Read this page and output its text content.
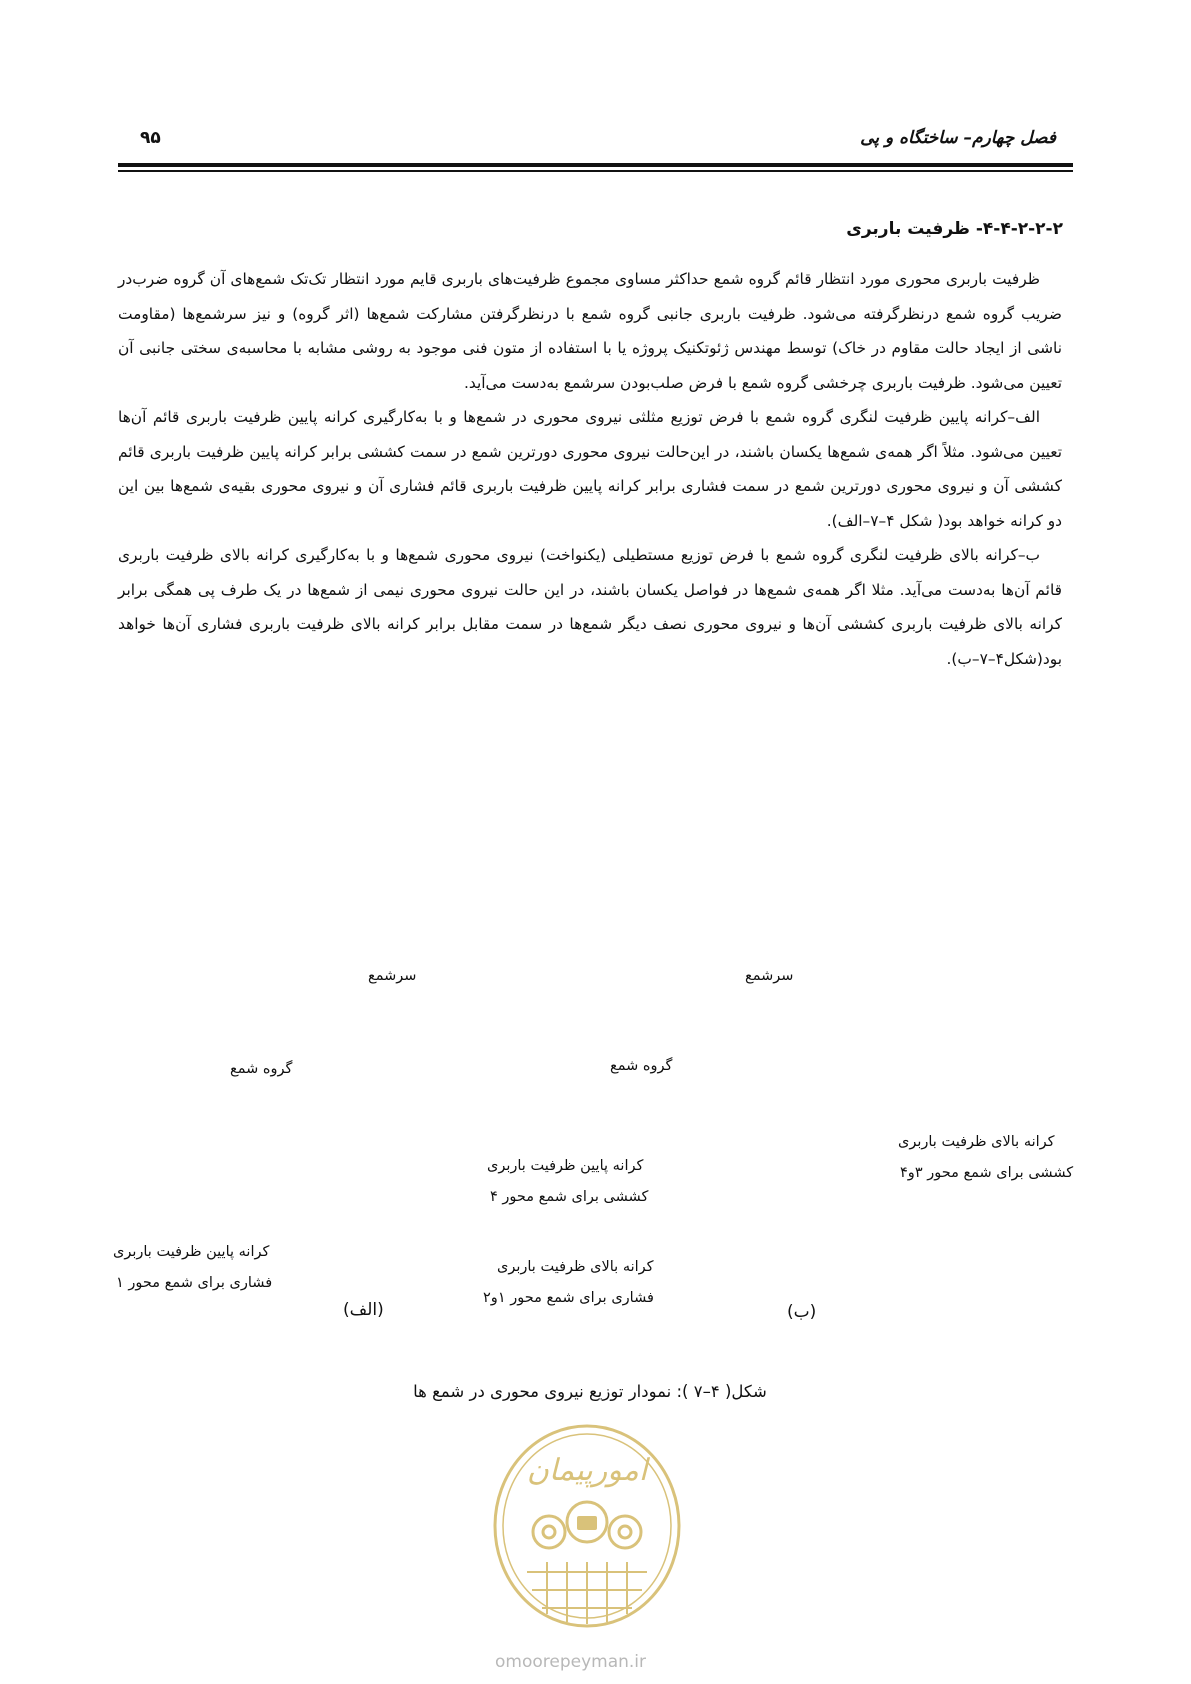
فصل چهارم– ساختگاه و پی
۹۵
۴-۴-۲-۲-۲- ظرفیت باربری

ظرفیت باربری محوری مورد انتظار قائم گروه شمع حداکثر مساوی مجموع ظرفیت‌های باربری قایم مورد انتظار تک‌تک شمع‌های آن گروه ضرب‌در ضریب گروه شمع درنظرگرفته می‌شود. ظرفیت باربری جانبی گروه شمع با درنظرگرفتن مشارکت شمع‌ها (اثر گروه) و نیز سرشمع‌ها (مقاومت ناشی از ایجاد حالت مقاوم در خاک) توسط مهندس ژئوتکنیک پروژه یا با استفاده از متون فنی موجود به روشی مشابه با محاسبه‌ی سختی جانبی آن تعیین می‌شود. ظرفیت باربری چرخشی گروه شمع با فرض صلب‌بودن سرشمع به‌دست می‌آید.

الف–کرانه پایین ظرفیت لنگری گروه شمع با فرض توزیع مثلثی نیروی محوری در شمع‌ها و با به‌کارگیری کرانه پایین ظرفیت باربری قائم آن‌ها تعیین می‌شود. مثلاً اگر همه‌ی شمع‌ها یکسان باشند، در این‌حالت نیروی محوری دورترین شمع در سمت کششی برابر کرانه پایین ظرفیت باربری قائم کششی آن و نیروی محوری دورترین شمع در سمت فشاری برابر کرانه پایین ظرفیت باربری قائم فشاری آن و نیروی محوری بقیه‌ی شمع‌ها بین این دو کرانه خواهد بود( شکل ۴–۷–الف).

ب–کرانه بالای ظرفیت لنگری گروه شمع با فرض توزیع مستطیلی (یکنواخت) نیروی محوری شمع‌ها و با به‌کارگیری کرانه بالای ظرفیت باربری قائم آن‌ها به‌دست می‌آید. مثلا اگر همه‌ی شمع‌ها در فواصل یکسان باشند، در این حالت نیروی محوری نیمی از شمع‌ها در یک طرف پی همگی برابر کرانه بالای ظرفیت باربری کششی آن‌ها و نیروی محوری نصف دیگر شمع‌ها در سمت مقابل برابر کرانه بالای ظرفیت باربری فشاری آن‌ها خواهد بود(شکل۴–۷–ب).

سرشمع	سرشمع
گروه شمع	گروه شمع
کرانه بالای ظرفیت باربری
کششی برای شمع محور ۳و۴
کرانه پایین ظرفیت باربری
کششی برای شمع محور ۴
کرانه بالای ظرفیت باربری
فشاری برای شمع محور ۱و۲
کرانه پایین ظرفیت باربری
فشاری برای شمع محور ۱
(الف)	(ب)
شکل( ۴–۷ ): نمودار توزیع نیروی محوری در شمع ها
امورپیمان
omoorepeyman.ir
